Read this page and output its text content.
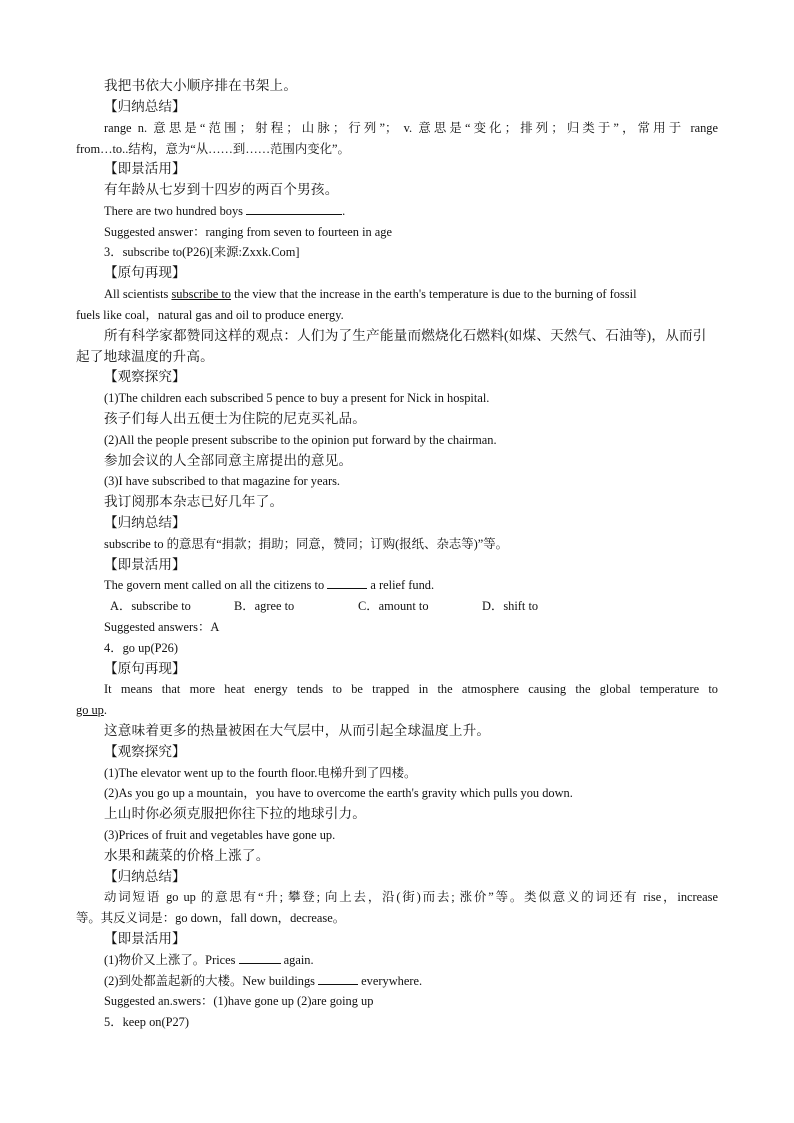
我把书依大小顺序排在书架上。
【归纳总结】
range n. 意思是“范围；射程；山脉；行列”； v. 意思是“变化；排列；归类于”，常用于 range
from…to..结构，意为“从……到……范围内变化”。
【即景活用】
有年龄从七岁到十四岁的两百个男孩。
There are two hundred boys	.
Suggested answer：ranging from seven to fourteen in age
3．subscribe to(P26)[来源:Zxxk.Com]
【原句再现】
All scientists subscribe to the view that the increase in the earth's temperature is due to the burning of fossil
fuels like coal，natural gas and oil to produce energy.
所有科学家都赞同这样的观点：人们为了生产能量而燃烧化石燃料(如煤、天然气、石油等)，从而引
起了地球温度的升高。
【观察探究】
(1)The children each subscribed 5 pence to buy a present for Nick in hospital.
孩子们每人出五便士为住院的尼克买礼品。
(2)All the people present subscribe to the opinion put forward by the chairman.
参加会议的人全部同意主席提出的意见。
(3)I have subscribed to that magazine for years.
我订阅那本杂志已好几年了。
【归纳总结】
subscribe to 的意思有“捐款；捐助；同意，赞同；订购(报纸、杂志等)”等。
【即景活用】
The govern ment called on all the citizens to	a relief fund.
A．subscribe to	B．agree to	C．amount to	D．shift to
Suggested answers：A
4．go up(P26)
【原句再现】
It means that more heat energy tends to be trapped in the atmosphere causing the global temperature to
go up.
这意味着更多的热量被困在大气层中，从而引起全球温度上升。
【观察探究】
(1)The elevator went up to the fourth floor.电梯升到了四楼。
(2)As you go up a mountain，you have to overcome the earth's gravity which pulls you down.
上山时你必须克服把你往下拉的地球引力。
(3)Prices of fruit and vegetables have gone up.
水果和蔬菜的价格上涨了。
【归纳总结】
动词短语 go up 的意思有“升; 攀登; 向上去，沿(街)而去; 涨价”等。类似意义的词还有 rise，increase
等。其反义词是：go down，fall down，decrease。
【即景活用】
(1)物价又上涨了。Prices	again.
(2)到处都盖起新的大楼。New buildings	everywhere.
Suggested an.swers：(1)have gone up (2)are going up
5．keep on(P27)
